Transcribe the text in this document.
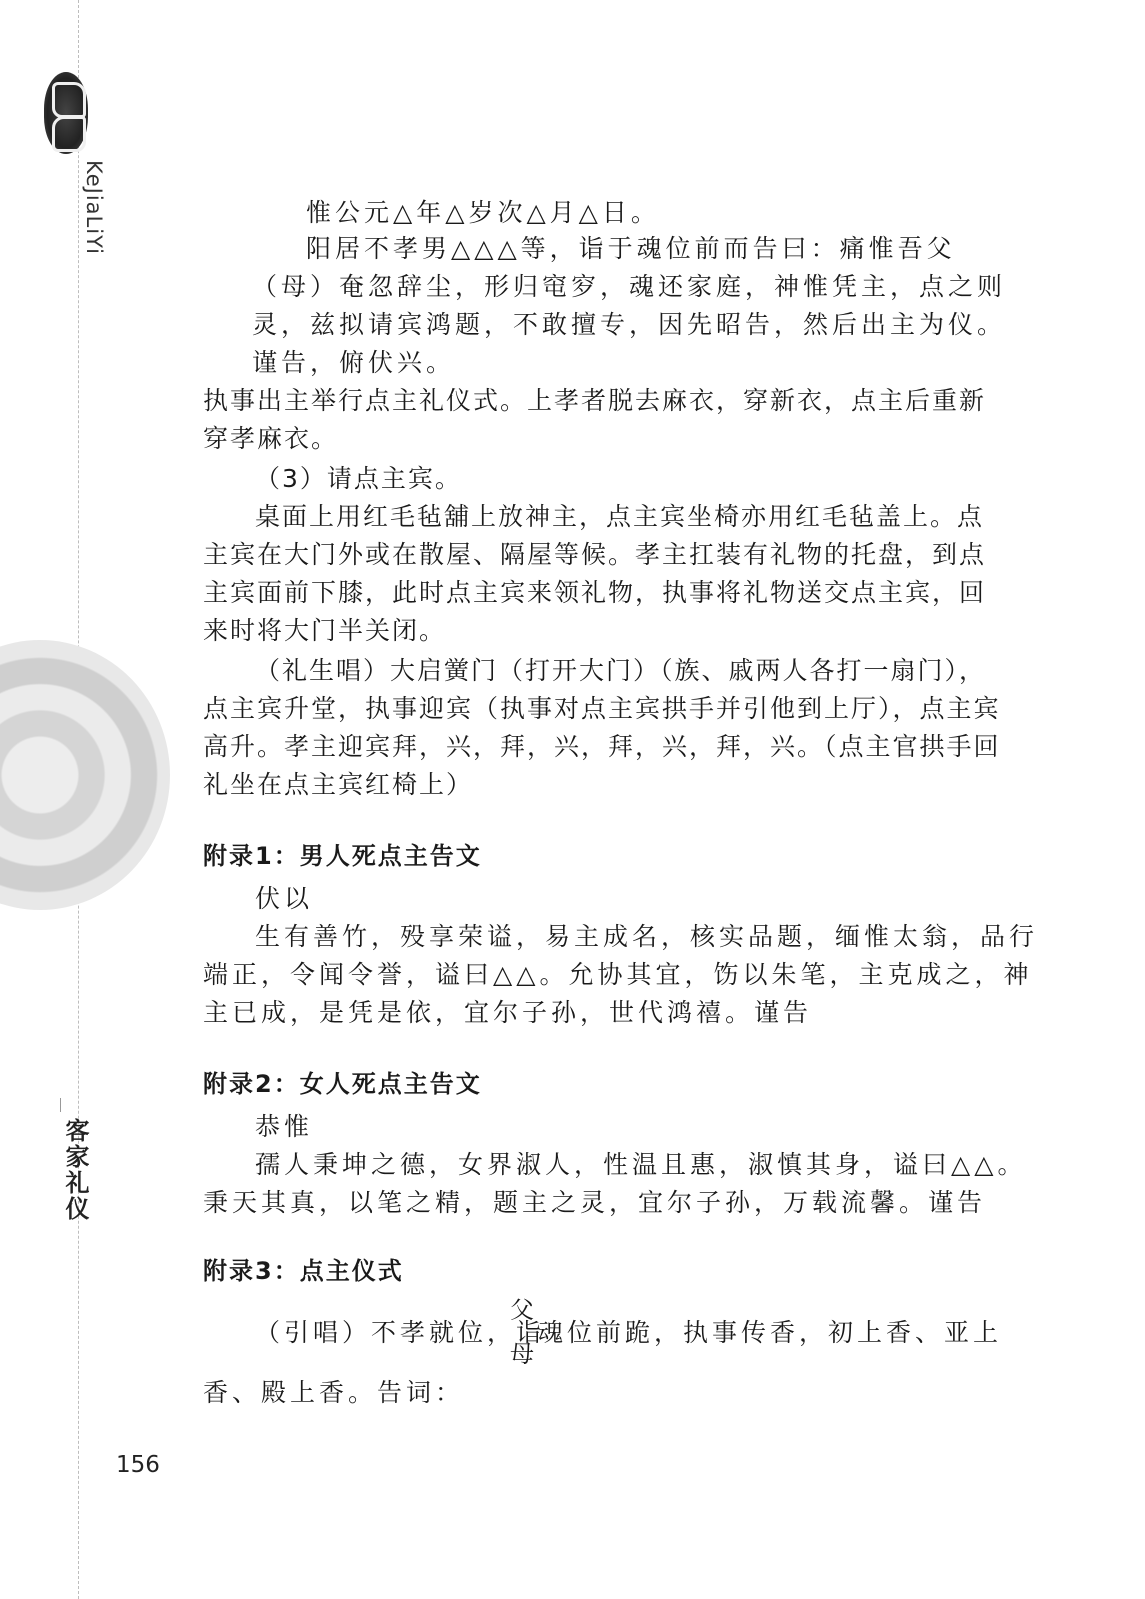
KeJiaLiYi
客家礼仪
惟公元△年△岁次△月△日。
阳居不孝男△△△等，诣于魂位前而告曰：痛惟吾父
（母）奄忽辞尘，形归窀穸，魂还家庭，神惟凭主，点之则
灵，兹拟请宾鸿题，不敢擅专，因先昭告，然后出主为仪。
谨告，俯伏兴。
执事出主举行点主礼仪式。上孝者脱去麻衣，穿新衣，点主后重新
穿孝麻衣。
（3）请点主宾。
桌面上用红毛毡舖上放神主，点主宾坐椅亦用红毛毡盖上。点
主宾在大门外或在散屋、隔屋等候。孝主扛装有礼物的托盘，到点
主宾面前下膝，此时点主宾来领礼物，执事将礼物送交点主宾，回
来时将大门半关闭。
（礼生唱）大启黉门（打开大门）（族、戚两人各打一扇门），
点主宾升堂，执事迎宾（执事对点主宾拱手并引他到上厅），点主宾
高升。孝主迎宾拜，兴，拜，兴，拜，兴，拜，兴。（点主官拱手回
礼坐在点主宾红椅上）
附录1：男人死点主告文
伏以
生有善竹，殁享荣谥，易主成名，核实品题，缅惟太翁，品行
端正，令闻令誉，谥曰△△。允协其宜，饬以朱笔，主克成之，神
主已成，是凭是依，宜尔子孙，世代鸿禧。谨告
附录2：女人死点主告文
恭惟
孺人秉坤之德，女界淑人，性温且惠，淑慎其身，谥曰△△。
秉天其真，以笔之精，题主之灵，宜尔子孙，万载流馨。谨告
附录3：点主仪式
（引唱）不孝就位，诣
父
母
魂位前跪，执事传香，初上香、亚上
香、殿上香。告词：
156
